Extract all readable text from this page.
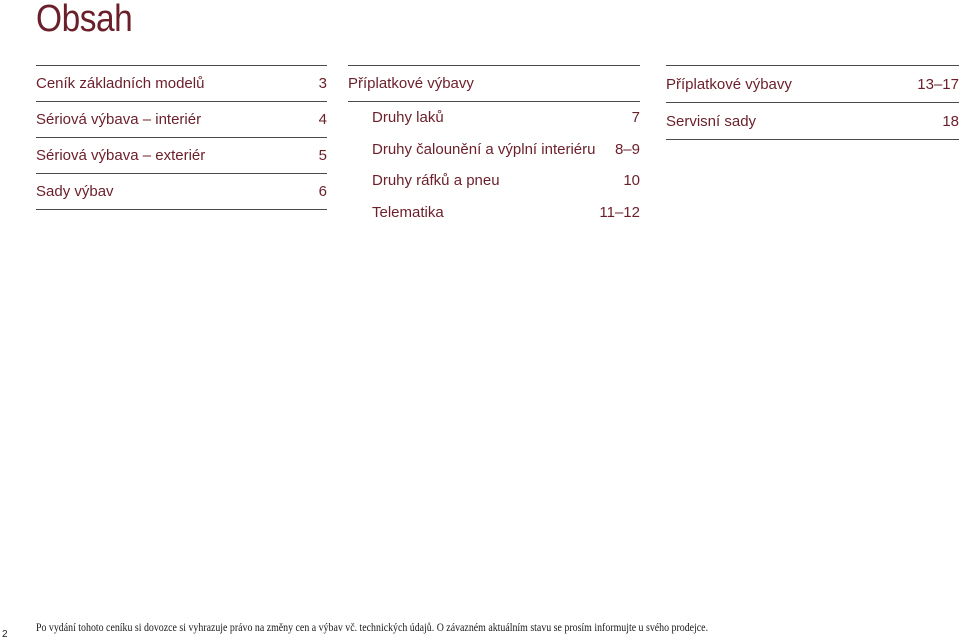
Obsah
Ceník základních modelů	3
Sériová výbava – interiér	4
Sériová výbava – exteriér	5
Sady výbav	6
Příplatkové výbavy
Druhy laků	7
Druhy čalounění a výplní interiéru 8–9
Druhy ráfků a pneu	10
Telematika	11–12
Příplatkové výbavy	13–17
Servisní sady	18
2
Po vydání tohoto ceníku si dovozce si vyhrazuje právo na změny cen a výbav vč. technických údajů. O závazném aktuálním stavu se prosím informujte u svého prodejce.
